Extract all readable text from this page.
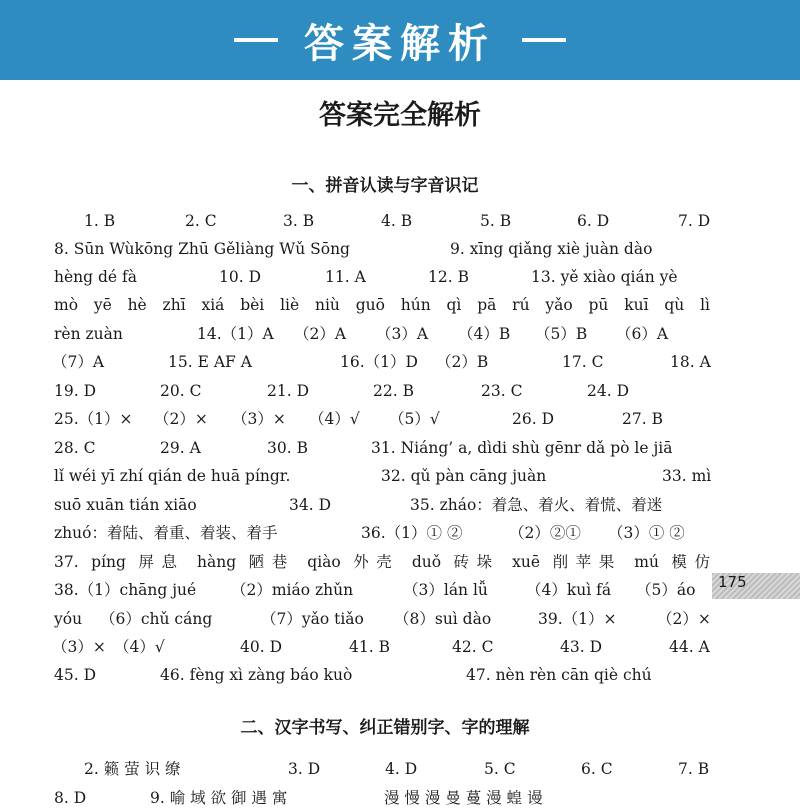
答案解析
答案完全解析
一、拼音认读与字音识记
1. B	2. C	3. B	4. B	5. B	6. D	7. D
8. Sūn Wùkōng Zhū Gěliàng Wǔ Sōng	9. xīng qiǎng xiè juàn dào
hèng dé fà	10. D	11. A	12. B	13. yě xiào qián yè
mò yē hè zhī xiá bèi liè niù guō hún qì pā rú yǎo pū kuī qù lì
rèn zuàn	14.（1）A （2）A （3）A （4）B （5）B （6）A
（7）A	15. E AF A	16.（1）D （2）B	17. C	18. A
19. D	20. C	21. D	22. B	23. C	24. D
25.（1）× （2）× （3）× （4）√ （5）√	26. D	27. B
28. C	29. A	30. B	31. Niáng’ a, dìdi shù gēnr dǎ pò le jiā
lǐ wéi yī zhí qián de huā píngr.	32. qǔ pàn cāng juàn	33. mì
suō xuān tián xiāo	34. D	35. zháo：着急、着火、着慌、着迷
zhuó：着陆、着重、着装、着手	36.（1）① ②	（2）②① （3）① ②
37. píng 屏息 hàng 陋巷 qiào 外壳 duǒ 砖垛 xuē 削苹果 mú 模仿
38.（1）chāng jué （2）miáo zhǔn	（3）lán lǚ （4）kuì fá （5）áo
yóu （6）chǔ cáng	（7）yǎo tiǎo （8）suì dào	39.（1）×	（2）×
（3）× （4）√	40. D	41. B	42. C	43. D	44. A
45. D	46. fèng xì zàng báo kuò	47. nèn rèn cān qiè chú
二、汉字书写、纠正错别字、字的理解
2. 籁 萤 识 缭	3. D	4. D	5. C	6. C	7. B
8. D	9. 喻 域 欲 御 遇 寓	漫 慢 漫 曼 蔓 漫 蝗 谩
175
